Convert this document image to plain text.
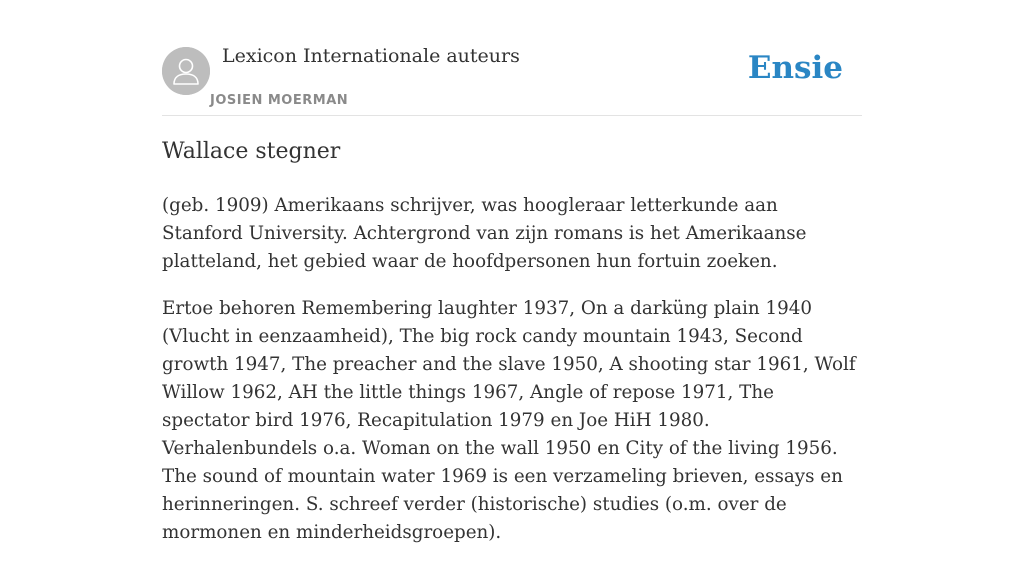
Lexicon Internationale auteurs
JOSIEN MOERMAN
Ensie
Wallace stegner

(geb. 1909) Amerikaans schrijver, was hoogleraar letterkunde aan Stanford University. Achtergrond van zijn romans is het Amerikaanse platteland, het gebied waar de hoofdpersonen hun fortuin zoeken.

Ertoe behoren Remembering laughter 1937, On a darküng plain 1940 (Vlucht in eenzaamheid), The big rock candy mountain 1943, Second growth 1947, The preacher and the slave 1950, A shooting star 1961, Wolf Willow 1962, AH the little things 1967, Angle of repose 1971, The spectator bird 1976, Recapitulation 1979 en Joe HiH 1980. Verhalenbundels o.a. Woman on the wall 1950 en City of the living 1956. The sound of mountain water 1969 is een verzameling brieven, essays en herinneringen. S. schreef verder (historische) studies (o.m. over de mormonen en minderheidsgroepen).
